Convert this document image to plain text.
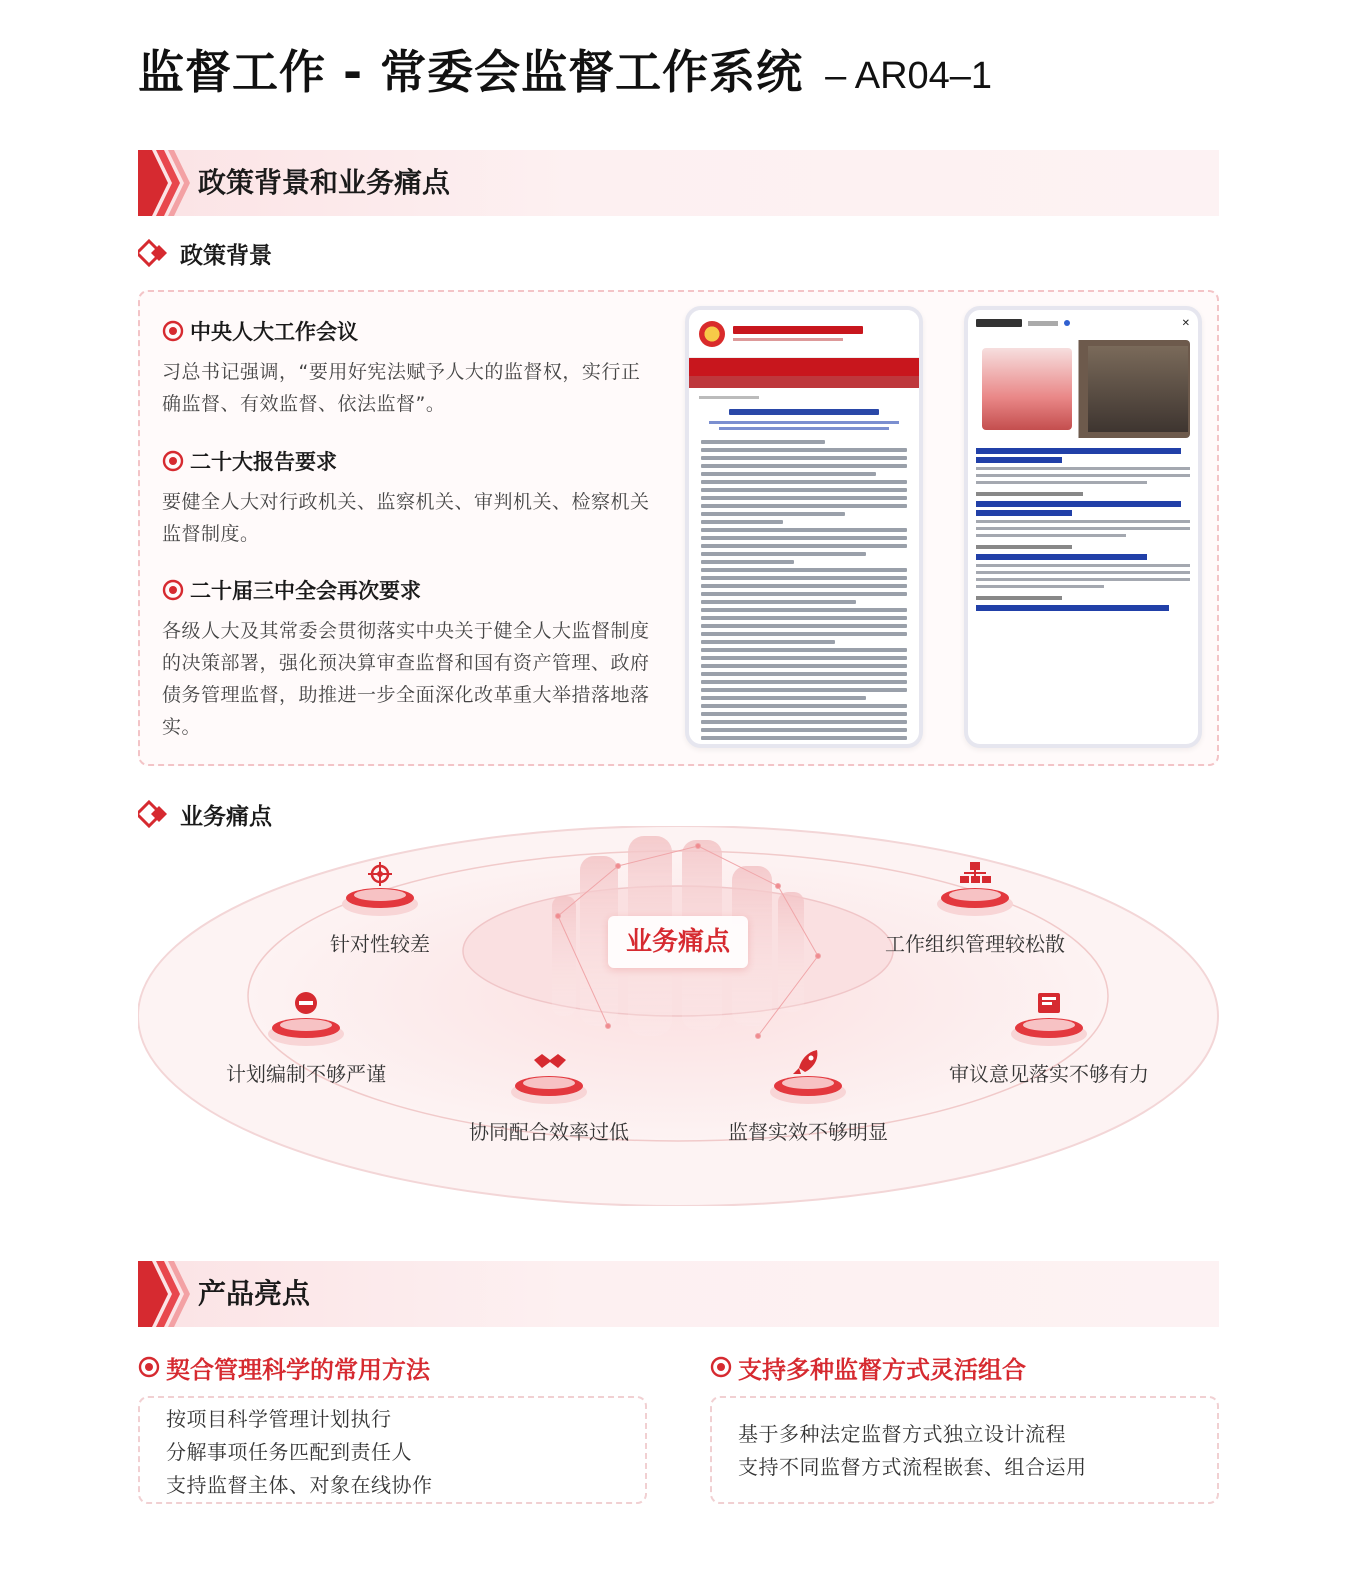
监督工作 - 常委会监督工作系统 – AR04–1
政策背景和业务痛点
政策背景
中央人大工作会议
习总书记强调，“要用好宪法赋予人大的监督权，实行正确监督、有效监督、依法监督”。
二十大报告要求
要健全人大对行政机关、监察机关、审判机关、检察机关监督制度。
二十届三中全会再次要求
各级人大及其常委会贯彻落实中央关于健全人大监督制度的决策部署，强化预决算审查监督和国有资产管理、政府债务管理监督，助推进一步全面深化改革重大举措落地落实。
✕
业务痛点
业务痛点
针对性较差	工作组织管理较松散
计划编制不够严谨	审议意见落实不够有力
协同配合效率过低	监督实效不够明显
产品亮点
契合管理科学的常用方法
按项目科学管理计划执行
分解事项任务匹配到责任人
支持监督主体、对象在线协作
支持多种监督方式灵活组合
基于多种法定监督方式独立设计流程
支持不同监督方式流程嵌套、组合运用
